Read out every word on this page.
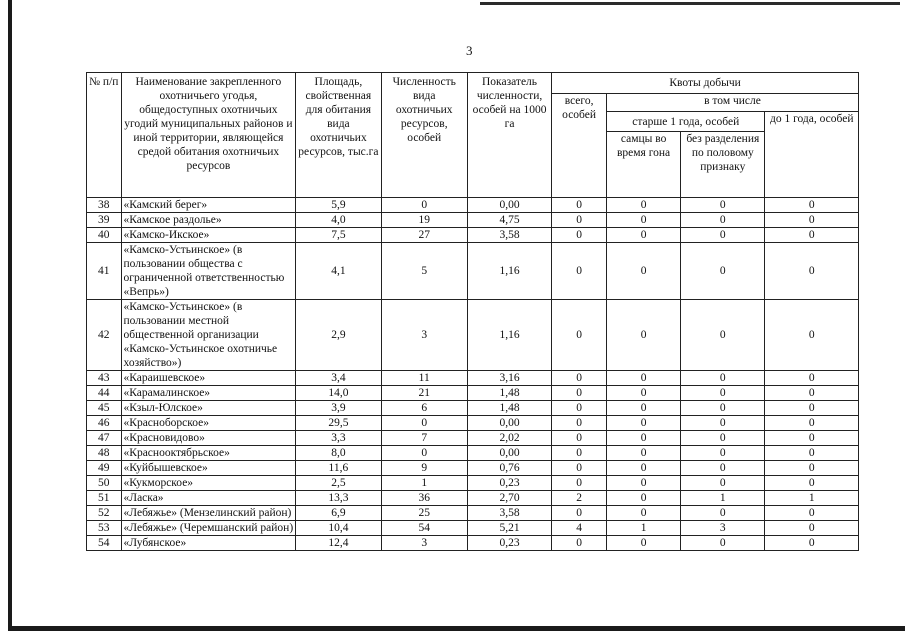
3
№ п/п	Наименование закрепленного охотничьего угодья, общедоступных охотничьих угодий муниципальных районов и иной территории, являющейся средой обитания охотничьих ресурсов	Площадь, свойственная для обитания вида охотничьих ресурсов, тыс.га	Численность вида охотничьих ресурсов, особей	Показатель численности, особей на 1000 га	Квоты добычи			
					всего, особей	в том числе		
						старше 1 года, особей		до 1 года, особей
						самцы во время гона	без разделения по половому признаку	
38	«Камский берег»	5,9	0	0,00	0	0	0	0
39	«Камское раздолье»	4,0	19	4,75	0	0	0	0
40	«Камско-Икское»	7,5	27	3,58	0	0	0	0
41	«Камско-Устьинское» (в пользовании общества с ограниченной ответственностью «Вепрь»)	4,1	5	1,16	0	0	0	0
42	«Камско-Устьинское» (в пользовании местной общественной организации «Камско-Устьинское охотничье хозяйство»)	2,9	3	1,16	0	0	0	0
43	«Караишевское»	3,4	11	3,16	0	0	0	0
44	«Карамалинское»	14,0	21	1,48	0	0	0	0
45	«Кзыл-Юлское»	3,9	6	1,48	0	0	0	0
46	«Красноборское»	29,5	0	0,00	0	0	0	0
47	«Красновидово»	3,3	7	2,02	0	0	0	0
48	«Краснооктябрьское»	8,0	0	0,00	0	0	0	0
49	«Куйбышевское»	11,6	9	0,76	0	0	0	0
50	«Кукморское»	2,5	1	0,23	0	0	0	0
51	«Ласка»	13,3	36	2,70	2	0	1	1
52	«Лебяжье» (Мензелинский район)	6,9	25	3,58	0	0	0	0
53	«Лебяжье» (Черемшанский район)	10,4	54	5,21	4	1	3	0
54	«Лубянское»	12,4	3	0,23	0	0	0	0
